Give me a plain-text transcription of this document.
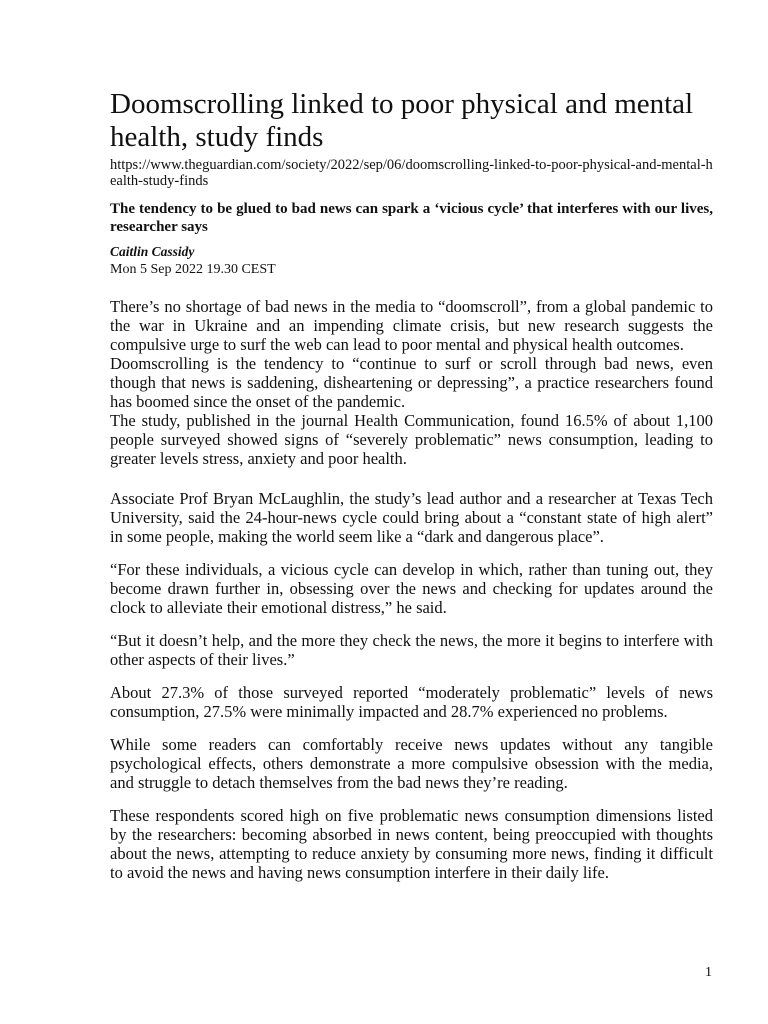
Doomscrolling linked to poor physical and mental health, study finds
https://www.theguardian.com/society/2022/sep/06/doomscrolling-linked-to-poor-physical-and-mental-health-study-finds
The tendency to be glued to bad news can spark a ‘vicious cycle’ that interferes with our lives, researcher says
Caitlin Cassidy
Mon 5 Sep 2022 19.30 CEST

There’s no shortage of bad news in the media to “doomscroll”, from a global pandemic to the war in Ukraine and an impending climate crisis, but new research suggests the compulsive urge to surf the web can lead to poor mental and physical health outcomes.

Doomscrolling is the tendency to “continue to surf or scroll through bad news, even though that news is saddening, disheartening or depressing”, a practice researchers found has boomed since the onset of the pandemic.

The study, published in the journal Health Communication, found 16.5% of about 1,100 people surveyed showed signs of “severely problematic” news consumption, leading to greater levels stress, anxiety and poor health.

Associate Prof Bryan McLaughlin, the study’s lead author and a researcher at Texas Tech University, said the 24-hour-news cycle could bring about a “constant state of high alert” in some people, making the world seem like a “dark and dangerous place”.

“For these individuals, a vicious cycle can develop in which, rather than tuning out, they become drawn further in, obsessing over the news and checking for updates around the clock to alleviate their emotional distress,” he said.

“But it doesn’t help, and the more they check the news, the more it begins to interfere with other aspects of their lives.”

About 27.3% of those surveyed reported “moderately problematic” levels of news consumption, 27.5% were minimally impacted and 28.7% experienced no problems.

While some readers can comfortably receive news updates without any tangible psychological effects, others demonstrate a more compulsive obsession with the media, and struggle to detach themselves from the bad news they’re reading.

These respondents scored high on five problematic news consumption dimensions listed by the researchers: becoming absorbed in news content, being preoccupied with thoughts about the news, attempting to reduce anxiety by consuming more news, finding it difficult to avoid the news and having news consumption interfere in their daily life.

1
